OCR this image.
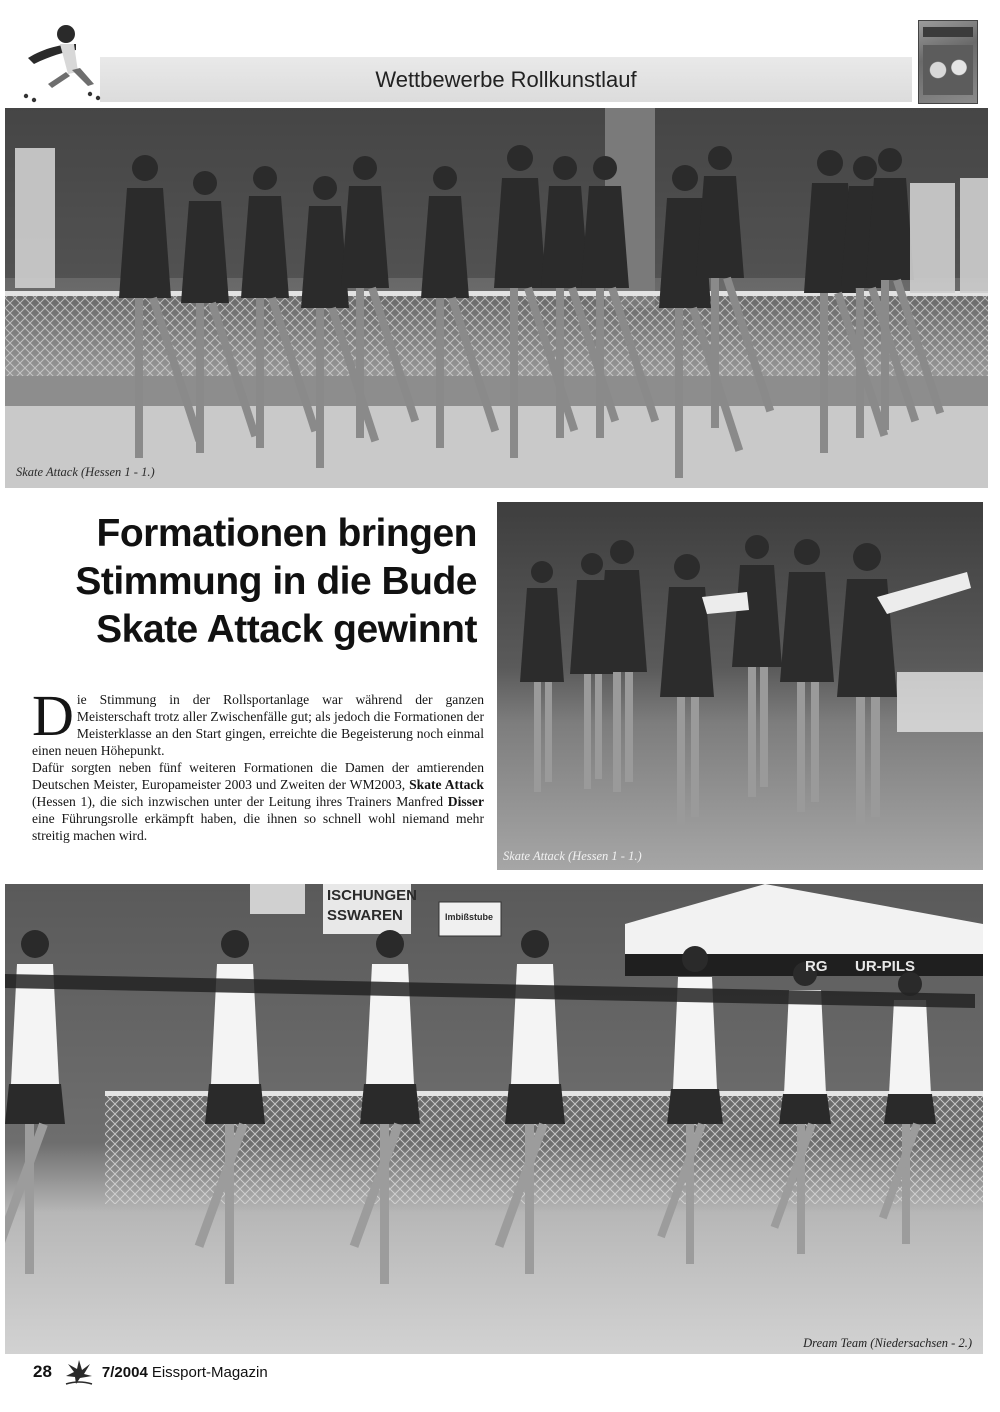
Wettbewerbe Rollkunstlauf
Skate Attack (Hessen 1 - 1.)
Formationen bringen
Stimmung in die Bude
Skate Attack gewinnt
Skate Attack (Hessen 1 - 1.)

Die Stimmung in der Rollsportanlage war während der ganzen Meisterschaft trotz aller Zwischenfälle gut; als jedoch die Formationen der Meisterklasse an den Start gingen, erreichte die Begeisterung noch einmal einen neuen Höhepunkt.

Dafür sorgten neben fünf weiteren Formationen die Damen der amtierenden Deutschen Meister, Europameister 2003 und Zweiten der WM2003, Skate Attack (Hessen 1), die sich inzwischen unter der Leitung ihres Trainers Manfred Disser eine Führungsrolle erkämpft haben, die ihnen so schnell wohl niemand mehr streitig machen wird.

ISCHUNGEN
SSWAREN	Imbißstube
RG UR-PILS
Dream Team (Niedersachsen - 2.)
28	7/2004 Eissport-Magazin
